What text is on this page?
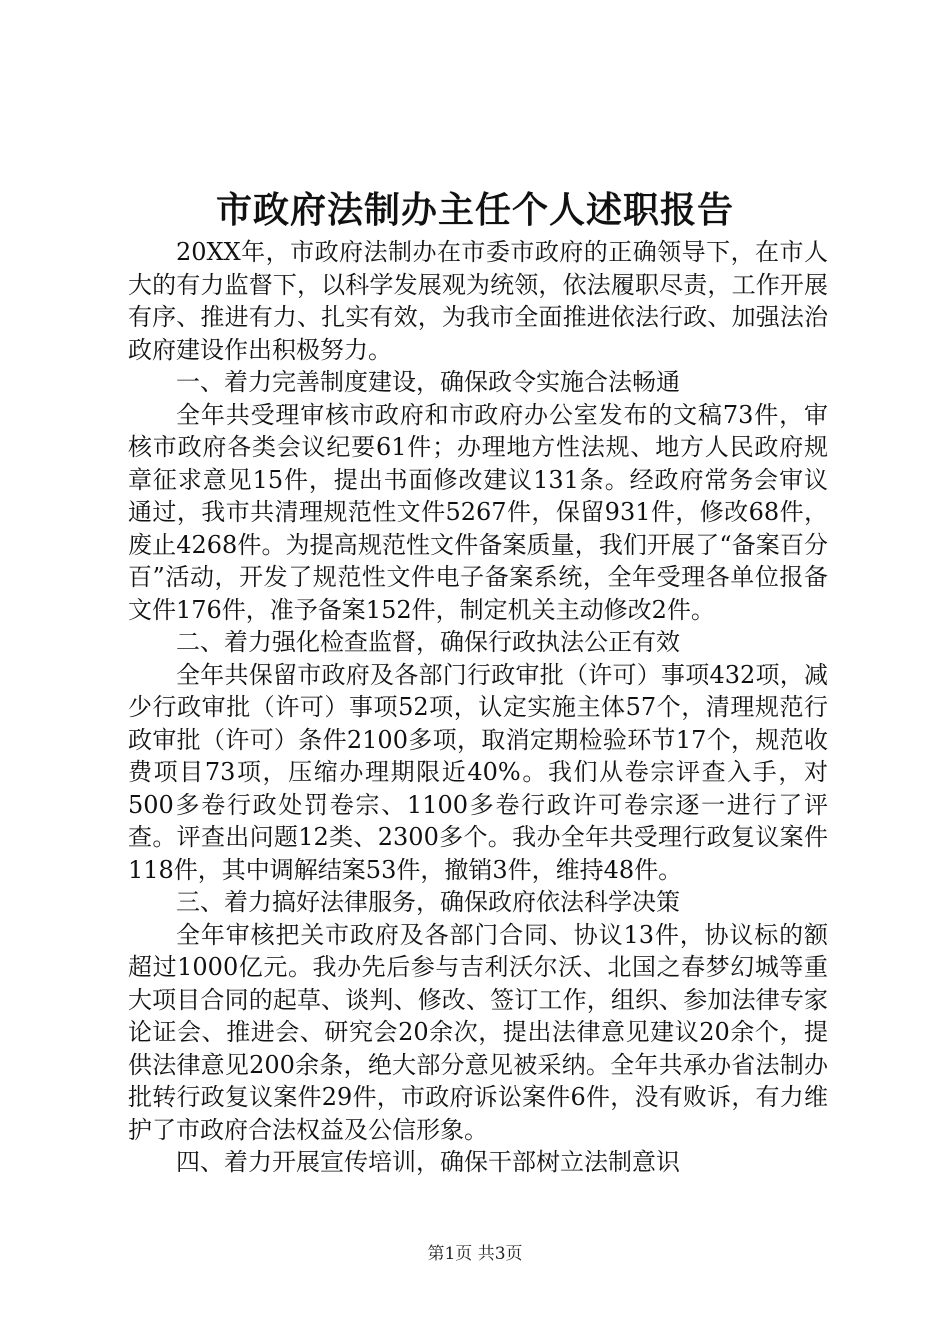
市政府法制办主任个人述职报告

20XX年，市政府法制办在市委市政府的正确领导下，在市人大的有力监督下，以科学发展观为统领，依法履职尽责，工作开展有序、推进有力、扎实有效，为我市全面推进依法行政、加强法治政府建设作出积极努力。

一、着力完善制度建设，确保政令实施合法畅通

全年共受理审核市政府和市政府办公室发布的文稿73件，审核市政府各类会议纪要61件；办理地方性法规、地方人民政府规章征求意见15件，提出书面修改建议131条。经政府常务会审议通过，我市共清理规范性文件5267件，保留931件，修改68件，废止4268件。为提高规范性文件备案质量，我们开展了“备案百分百”活动，开发了规范性文件电子备案系统，全年受理各单位报备文件176件，准予备案152件，制定机关主动修改2件。

二、着力强化检查监督，确保行政执法公正有效

全年共保留市政府及各部门行政审批（许可）事项432项，减少行政审批（许可）事项52项，认定实施主体57个，清理规范行政审批（许可）条件2100多项，取消定期检验环节17个，规范收费项目73项，压缩办理期限近40%。我们从卷宗评查入手，对500多卷行政处罚卷宗、1100多卷行政许可卷宗逐一进行了评查。评查出问题12类、2300多个。我办全年共受理行政复议案件118件，其中调解结案53件，撤销3件，维持48件。

三、着力搞好法律服务，确保政府依法科学决策

全年审核把关市政府及各部门合同、协议13件，协议标的额超过1000亿元。我办先后参与吉利沃尔沃、北国之春梦幻城等重大项目合同的起草、谈判、修改、签订工作，组织、参加法律专家论证会、推进会、研究会20余次，提出法律意见建议20余个，提供法律意见200余条，绝大部分意见被采纳。全年共承办省法制办批转行政复议案件29件，市政府诉讼案件6件，没有败诉，有力维护了市政府合法权益及公信形象。

四、着力开展宣传培训，确保干部树立法制意识

第1页 共3页
